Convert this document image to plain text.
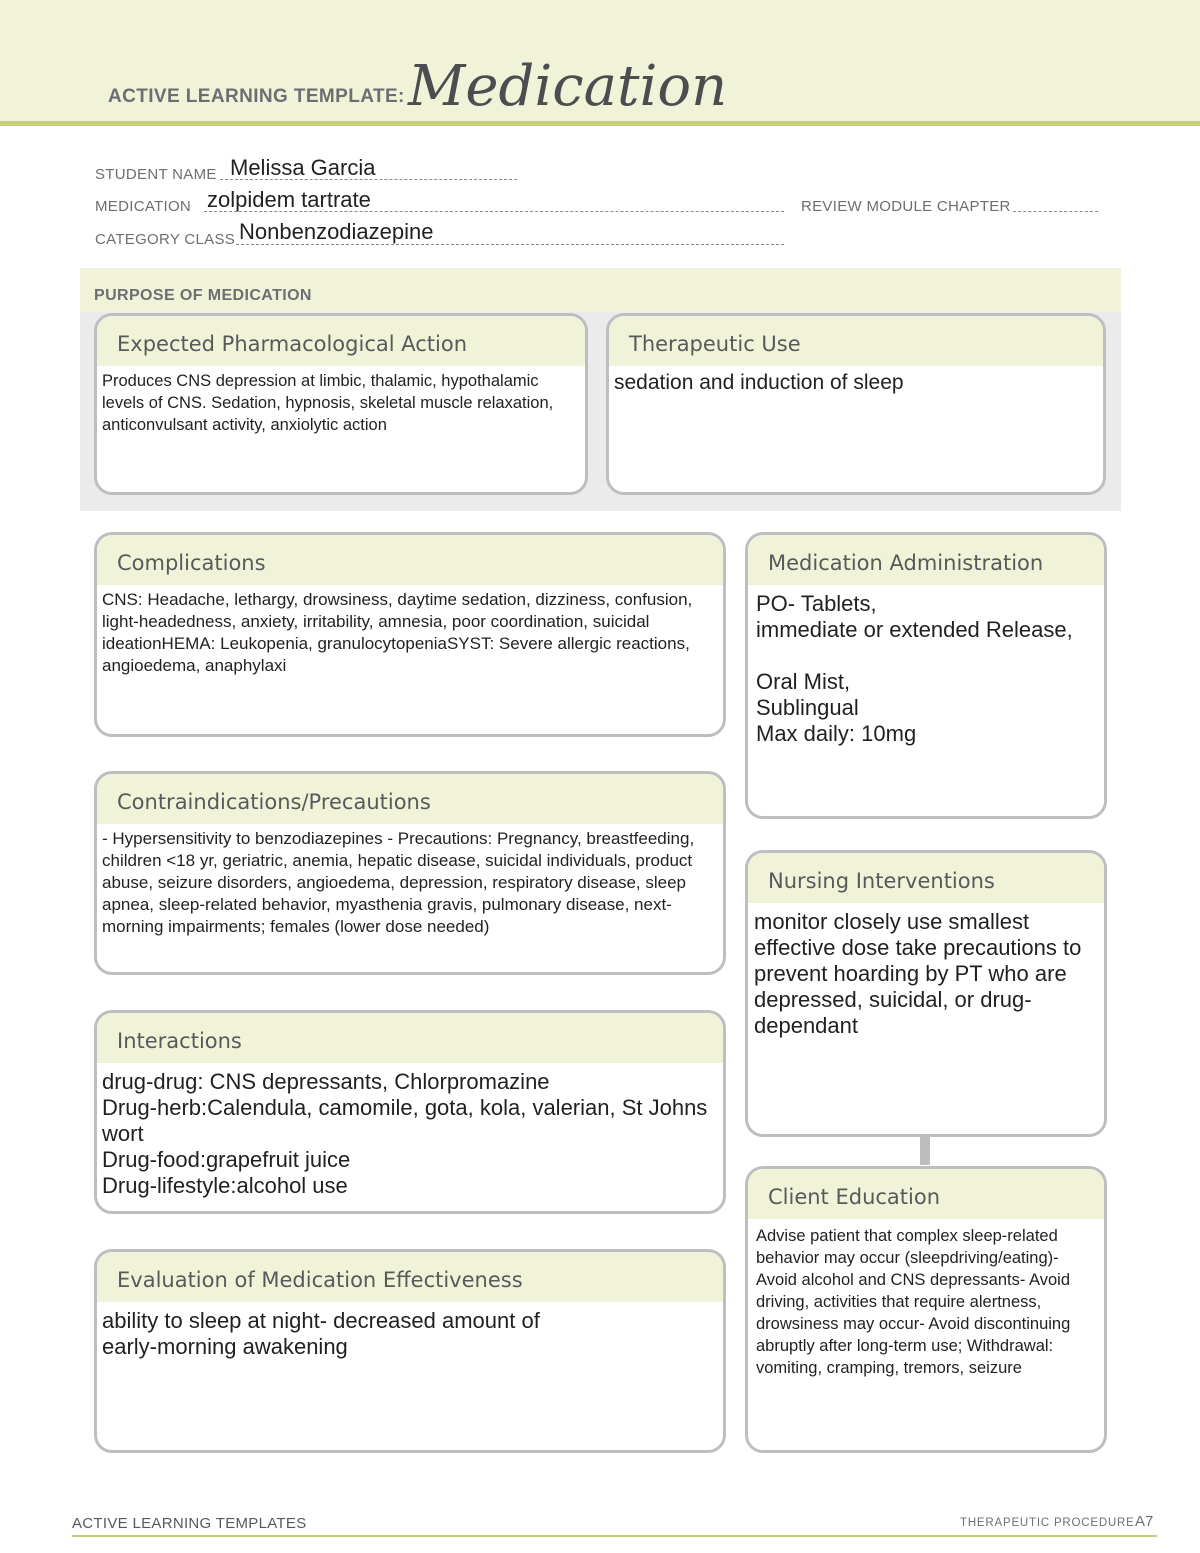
ACTIVE LEARNING TEMPLATE: Medication
STUDENT NAME Melissa Garcia
MEDICATION zolpidem tartrate	REVIEW MODULE CHAPTER
CATEGORY CLASS Nonbenzodiazepine
PURPOSE OF MEDICATION
Expected Pharmacological Action
Produces CNS depression at limbic, thalamic, hypothalamic levels of CNS. Sedation, hypnosis, skeletal muscle relaxation, anticonvulsant activity, anxiolytic action
Therapeutic Use
sedation and induction of sleep
Complications
CNS: Headache, lethargy, drowsiness, daytime sedation, dizziness, confusion, light-headedness, anxiety, irritability, amnesia, poor coordination, suicidal ideationHEMA: Leukopenia, granulocytopeniaSYST: Severe allergic reactions, angioedema, anaphylaxi
Contraindications/Precautions
- Hypersensitivity to benzodiazepines - Precautions: Pregnancy, breastfeeding, children <18 yr, geriatric, anemia, hepatic disease, suicidal individuals, product abuse, seizure disorders, angioedema, depression, respiratory disease, sleep apnea, sleep-related behavior, myasthenia gravis, pulmonary disease, next-morning impairments; females (lower dose needed)
Interactions
drug-drug: CNS depressants, Chlorpromazine
Drug-herb:Calendula, camomile, gota, kola, valerian, St Johns wort
Drug-food:grapefruit juice
Drug-lifestyle:alcohol use
Evaluation of Medication Effectiveness
ability to sleep at night- decreased amount of early-morning awakening
Medication Administration
PO- Tablets,
immediate or extended Release,
Oral Mist,
Sublingual
Max daily: 10mg
Nursing Interventions
monitor closely use smallest effective dose take precautions to prevent hoarding by PT who are depressed, suicidal, or drug-dependant
Client Education
Advise patient that complex sleep-related behavior may occur (sleepdriving/eating)- Avoid alcohol and CNS depressants- Avoid driving, activities that require alertness, drowsiness may occur- Avoid discontinuing abruptly after long-term use; Withdrawal: vomiting, cramping, tremors, seizure
ACTIVE LEARNING TEMPLATES	THERAPEUTIC PROCEDURE A7
